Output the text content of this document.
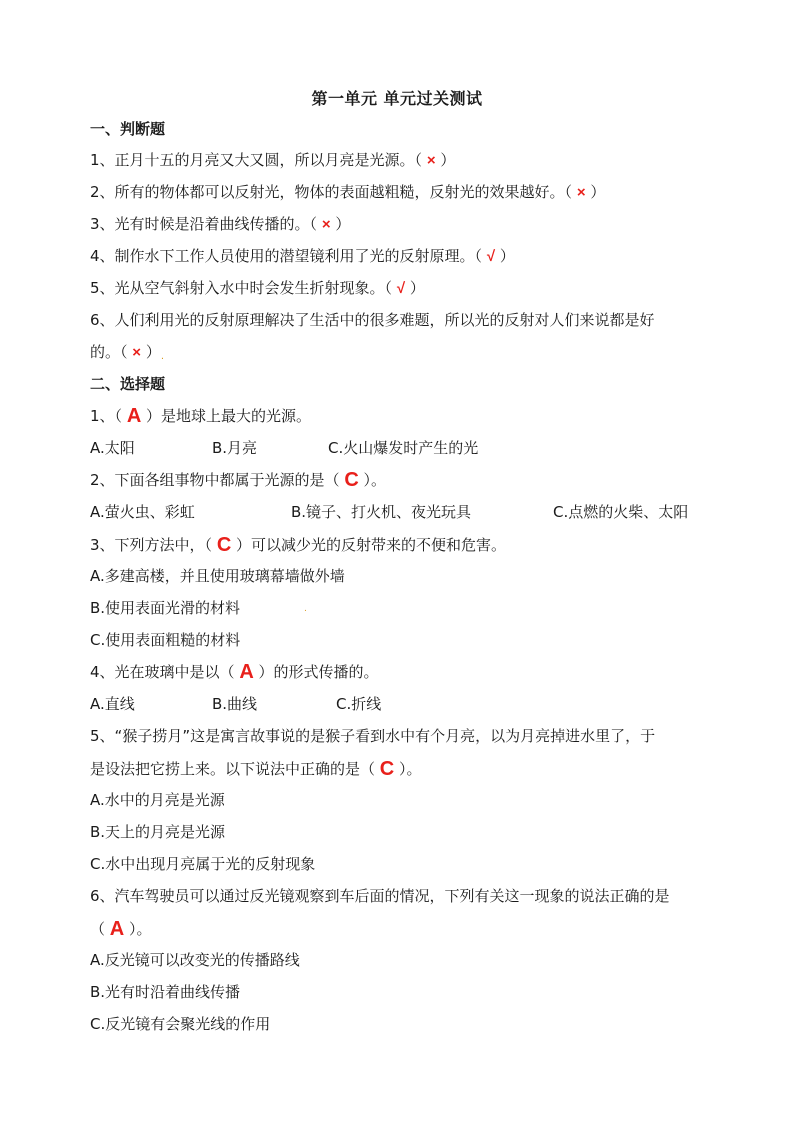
第一单元 单元过关测试
一、判断题
1、正月十五的月亮又大又圆，所以月亮是光源。（ × ）
2、所有的物体都可以反射光，物体的表面越粗糙，反射光的效果越好。（ × ）
3、光有时候是沿着曲线传播的。（ × ）
4、制作水下工作人员使用的潜望镜利用了光的反射原理。（ √ ）
5、光从空气斜射入水中时会发生折射现象。（ √ ）
6、人们利用光的反射原理解决了生活中的很多难题，所以光的反射对人们来说都是好
的。（ × ）.
二、选择题
1、（ A ）是地球上最大的光源。
A.太阳	B.月亮	C.火山爆发时产生的光
2、下面各组事物中都属于光源的是（ C ）。
A.萤火虫、彩虹	B.镜子、打火机、夜光玩具	C.点燃的火柴、太阳
3、下列方法中，（ C ）可以减少光的反射带来的不便和危害。
A.多建高楼，并且使用玻璃幕墙做外墙
B.使用表面光滑的材料	.
C.使用表面粗糙的材料
4、光在玻璃中是以（ A ）的形式传播的。
A.直线	B.曲线	C.折线
5、“猴子捞月”这是寓言故事说的是猴子看到水中有个月亮，以为月亮掉进水里了，于
是设法把它捞上来。以下说法中正确的是（ C ）。
A.水中的月亮是光源
B.天上的月亮是光源
C.水中出现月亮属于光的反射现象
6、汽车驾驶员可以通过反光镜观察到车后面的情况，下列有关这一现象的说法正确的是
（ A ）。
A.反光镜可以改变光的传播路线
B.光有时沿着曲线传播
C.反光镜有会聚光线的作用
